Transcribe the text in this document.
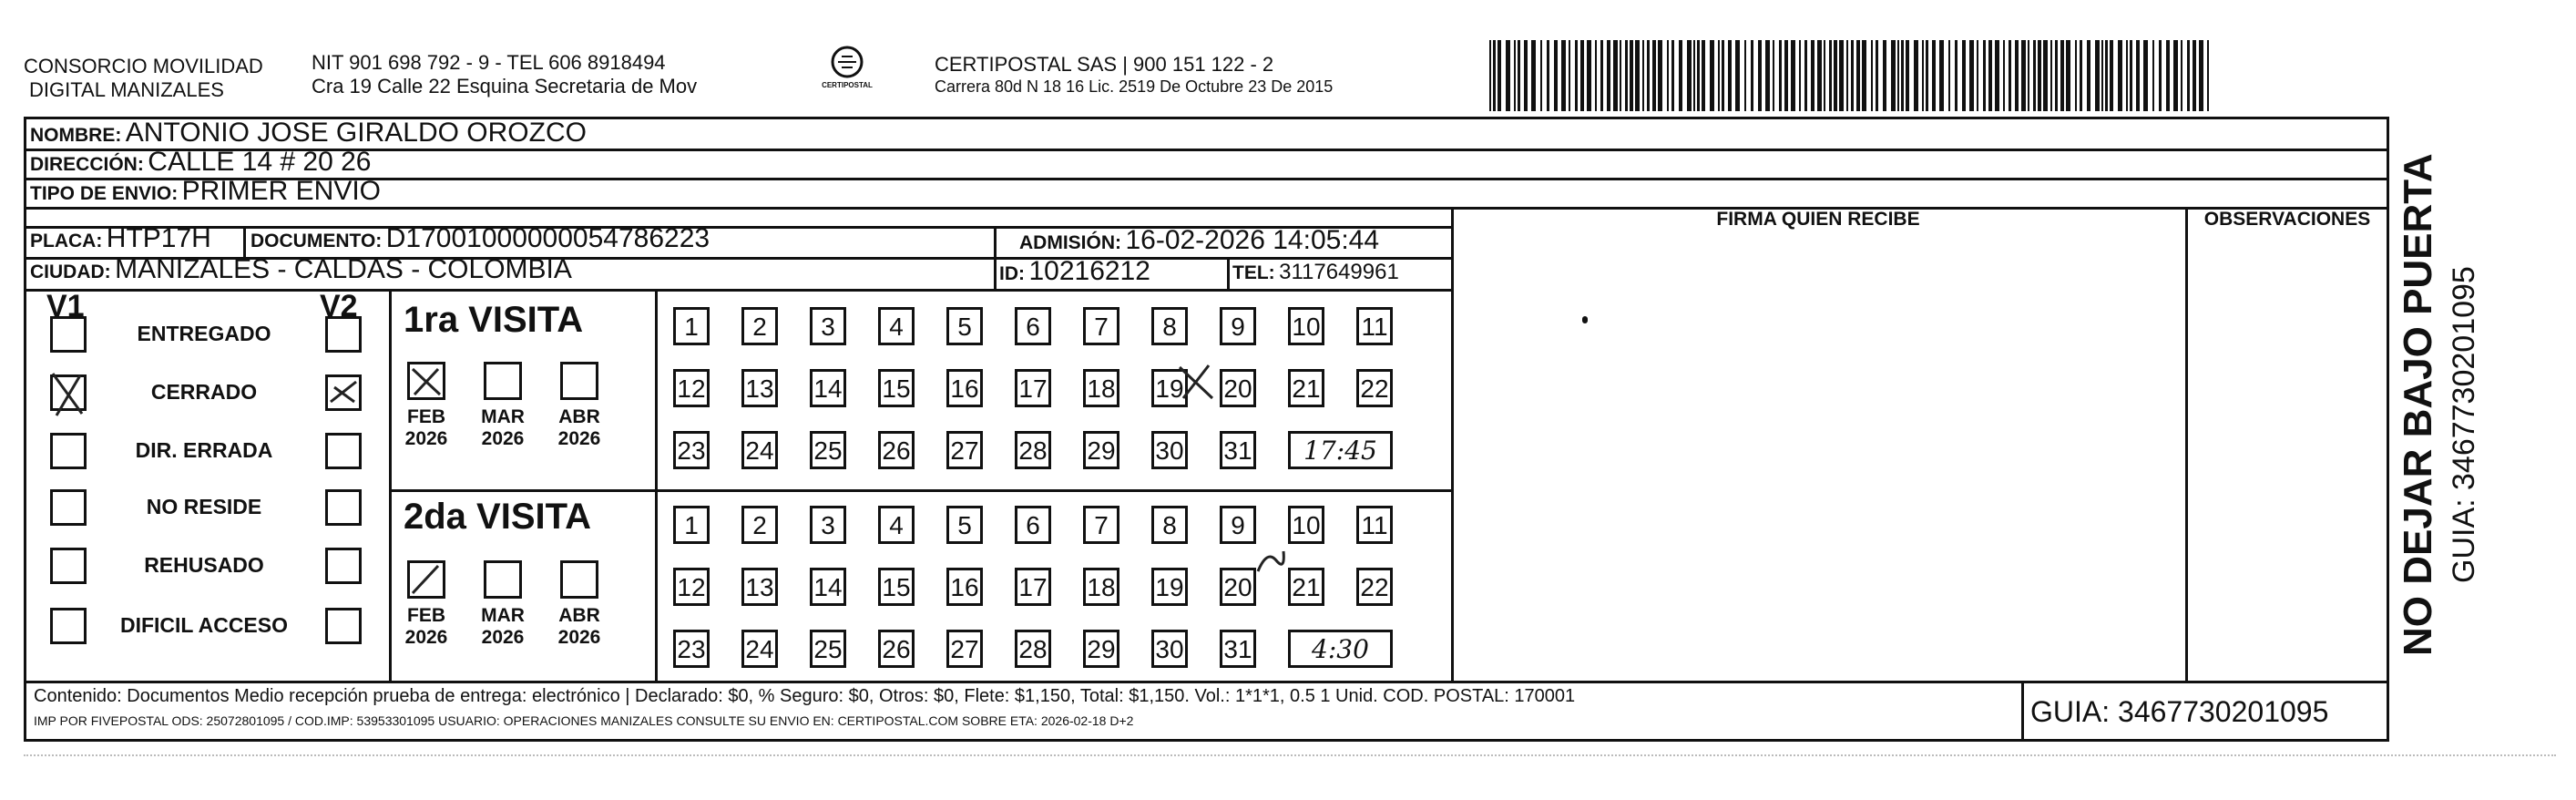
CONSORCIO MOVILIDAD
DIGITAL MANIZALES
NIT 901 698 792 - 9 - TEL 606 8918494
Cra 19 Calle 22 Esquina Secretaria de Mov	CERTIPOSTAL
CERTIPOSTAL SAS | 900 151 122 - 2
Carrera 80d N 18 16 Lic. 2519 De Octubre 23 De 2015
NOMBRE: ANTONIO JOSE GIRALDO OROZCO
DIRECCIÓN: CALLE 14 # 20 26
TIPO DE ENVIO: PRIMER ENVIO
FIRMA QUIEN RECIBE	OBSERVACIONES
PLACA: HTP17H DOCUMENTO: D17001000000054786223	ADMISIÓN: 16-02-2026 14:05:44
CIUDAD: MANIZALES - CALDAS - COLOMBIA	ID: 10216212	TEL: 3117649961
V1	V2
ENTREGADO
CERRADO
DIR. ERRADA
NO RESIDE
REHUSADO
DIFICIL ACCESO
1ra VISITA
2da VISITA
FEB
2026
MAR
2026
ABR
2026
1	2	3	4	5	6	7	8	9	10 11
12 13 14 15 16 17 18 19 20 21 22
23 24 25 26 27 28 29 30 31	17:45
FEB
2026
MAR
2026
ABR
2026
1	2	3	4	5	6	7	8	9	10 11
12 13 14 15 16 17 18 19 20 21 22
23 24 25 26 27 28 29 30 31	4:30
Contenido: Documentos Medio recepción prueba de entrega: electrónico | Declarado: $0, % Seguro: $0, Otros: $0, Flete: $1,150, Total: $1,150. Vol.: 1*1*1, 0.5 1 Unid. COD. POSTAL: 170001
IMP POR FIVEPOSTAL ODS: 25072801095 / COD.IMP: 53953301095 USUARIO: OPERACIONES MANIZALES CONSULTE SU ENVIO EN: CERTIPOSTAL.COM SOBRE ETA: 2026-02-18 D+2	GUIA: 3467730201095
NO DEJAR BAJO PUERTA GUIA: 3467730201095
